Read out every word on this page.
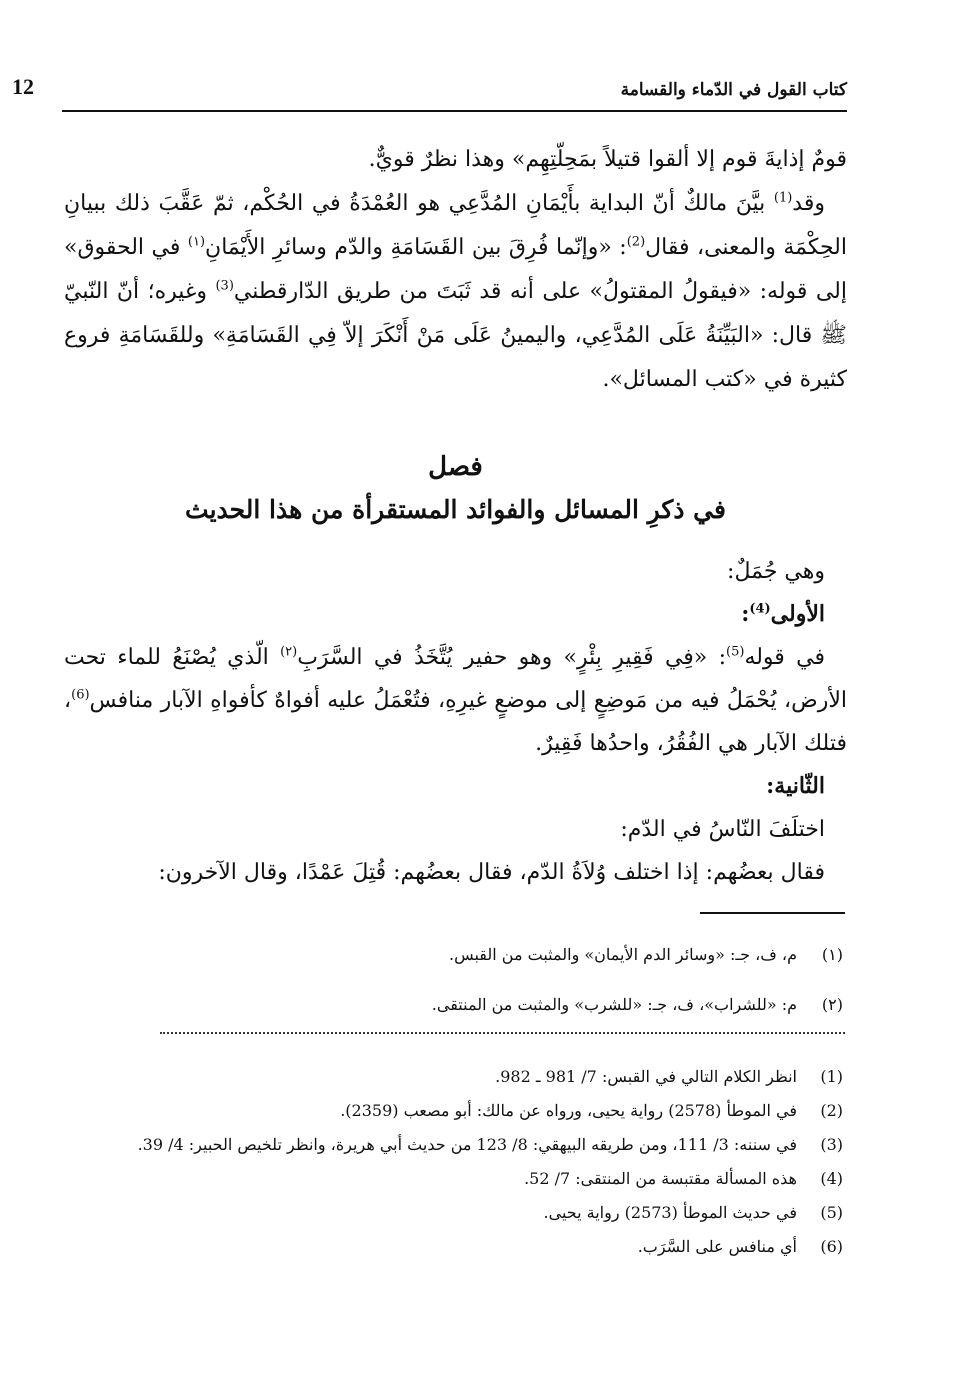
كتاب القول في الدّماء والقسامة
12

قومٌ إذايةَ قوم إلا ألقوا قتيلاً بمَحِلّتِهِم» وهذا نظرٌ قويٌّ.

وقد$^{(1)}$ بيَّنَ مالكٌ أنّ البداية بأَيْمَانِ المُدَّعِي هو العُمْدَةُ في الحُكْم، ثمّ عَقَّبَ ذلك ببيانِ الحِكْمَة والمعنى، فقال$^{(2)}$: «وإنّما فُرِقَ بين القَسَامَةِ والدّم وسائرِ الأَيْمَانِ$^{(١)}$ في الحقوق» إلى قوله: «فيقولُ المقتولُ» على أنه قد ثَبَتَ من طريق الدّارقطني$^{(3)}$ وغيره؛ أنّ النّبيّ ﷺ قال: «البَيِّنَةُ عَلَى المُدَّعِي، واليمينُ عَلَى مَنْ أَنْكَرَ إلاّ فِي القَسَامَةِ» وللقَسَامَةِ فروع كثيرة في «كتب المسائل».

فصل
في ذكرِ المسائل والفوائد المستقرأة من هذا الحديث

وهي جُمَلٌ:

الأولى$^{(4)}$:

في قوله$^{(5)}$: «فِي فَقِيرِ بِئْرٍ» وهو حفير يُتَّخَذُ في السَّرَبِ$^{(٢)}$ الّذي يُصْنَعُ للماء تحت الأرض، يُحْمَلُ فيه من مَوضِعٍ إلى موضعٍ غيرِهِ، فتُعْمَلُ عليه أفواهٌ كأفواهِ الآبار منافس$^{(6)}$، فتلك الآبار هي الفُقُرُ، واحدُها فَقِيرٌ.

الثّانية:

اختلَفَ النّاسُ في الدّم:

فقال بعضُهم: إذا اختلف وُلاَةُ الدّم، فقال بعضُهم: قُتِلَ عَمْدًا، وقال الآخرون:

(١)
م، ف، جـ: «وسائر الدم الأيمان» والمثبت من القبس.
(٢)
م: «للشراب»، ف، جـ: «للشرب» والمثبت من المنتقى.
(1)
انظر الكلام التالي في القبس: 7/ 981 ـ 982.
(2)
في الموطأ (2578) رواية يحيى، ورواه عن مالك: أبو مصعب (2359).
(3)
في سننه: 3/ 111، ومن طريقه البيهقي: 8/ 123 من حديث أبي هريرة، وانظر تلخيص الحبير: 4/ 39.
(4)
هذه المسألة مقتبسة من المنتقى: 7/ 52.
(5)
في حديث الموطأ (2573) رواية يحيى.
(6)
أي منافس على السَّرَب.
